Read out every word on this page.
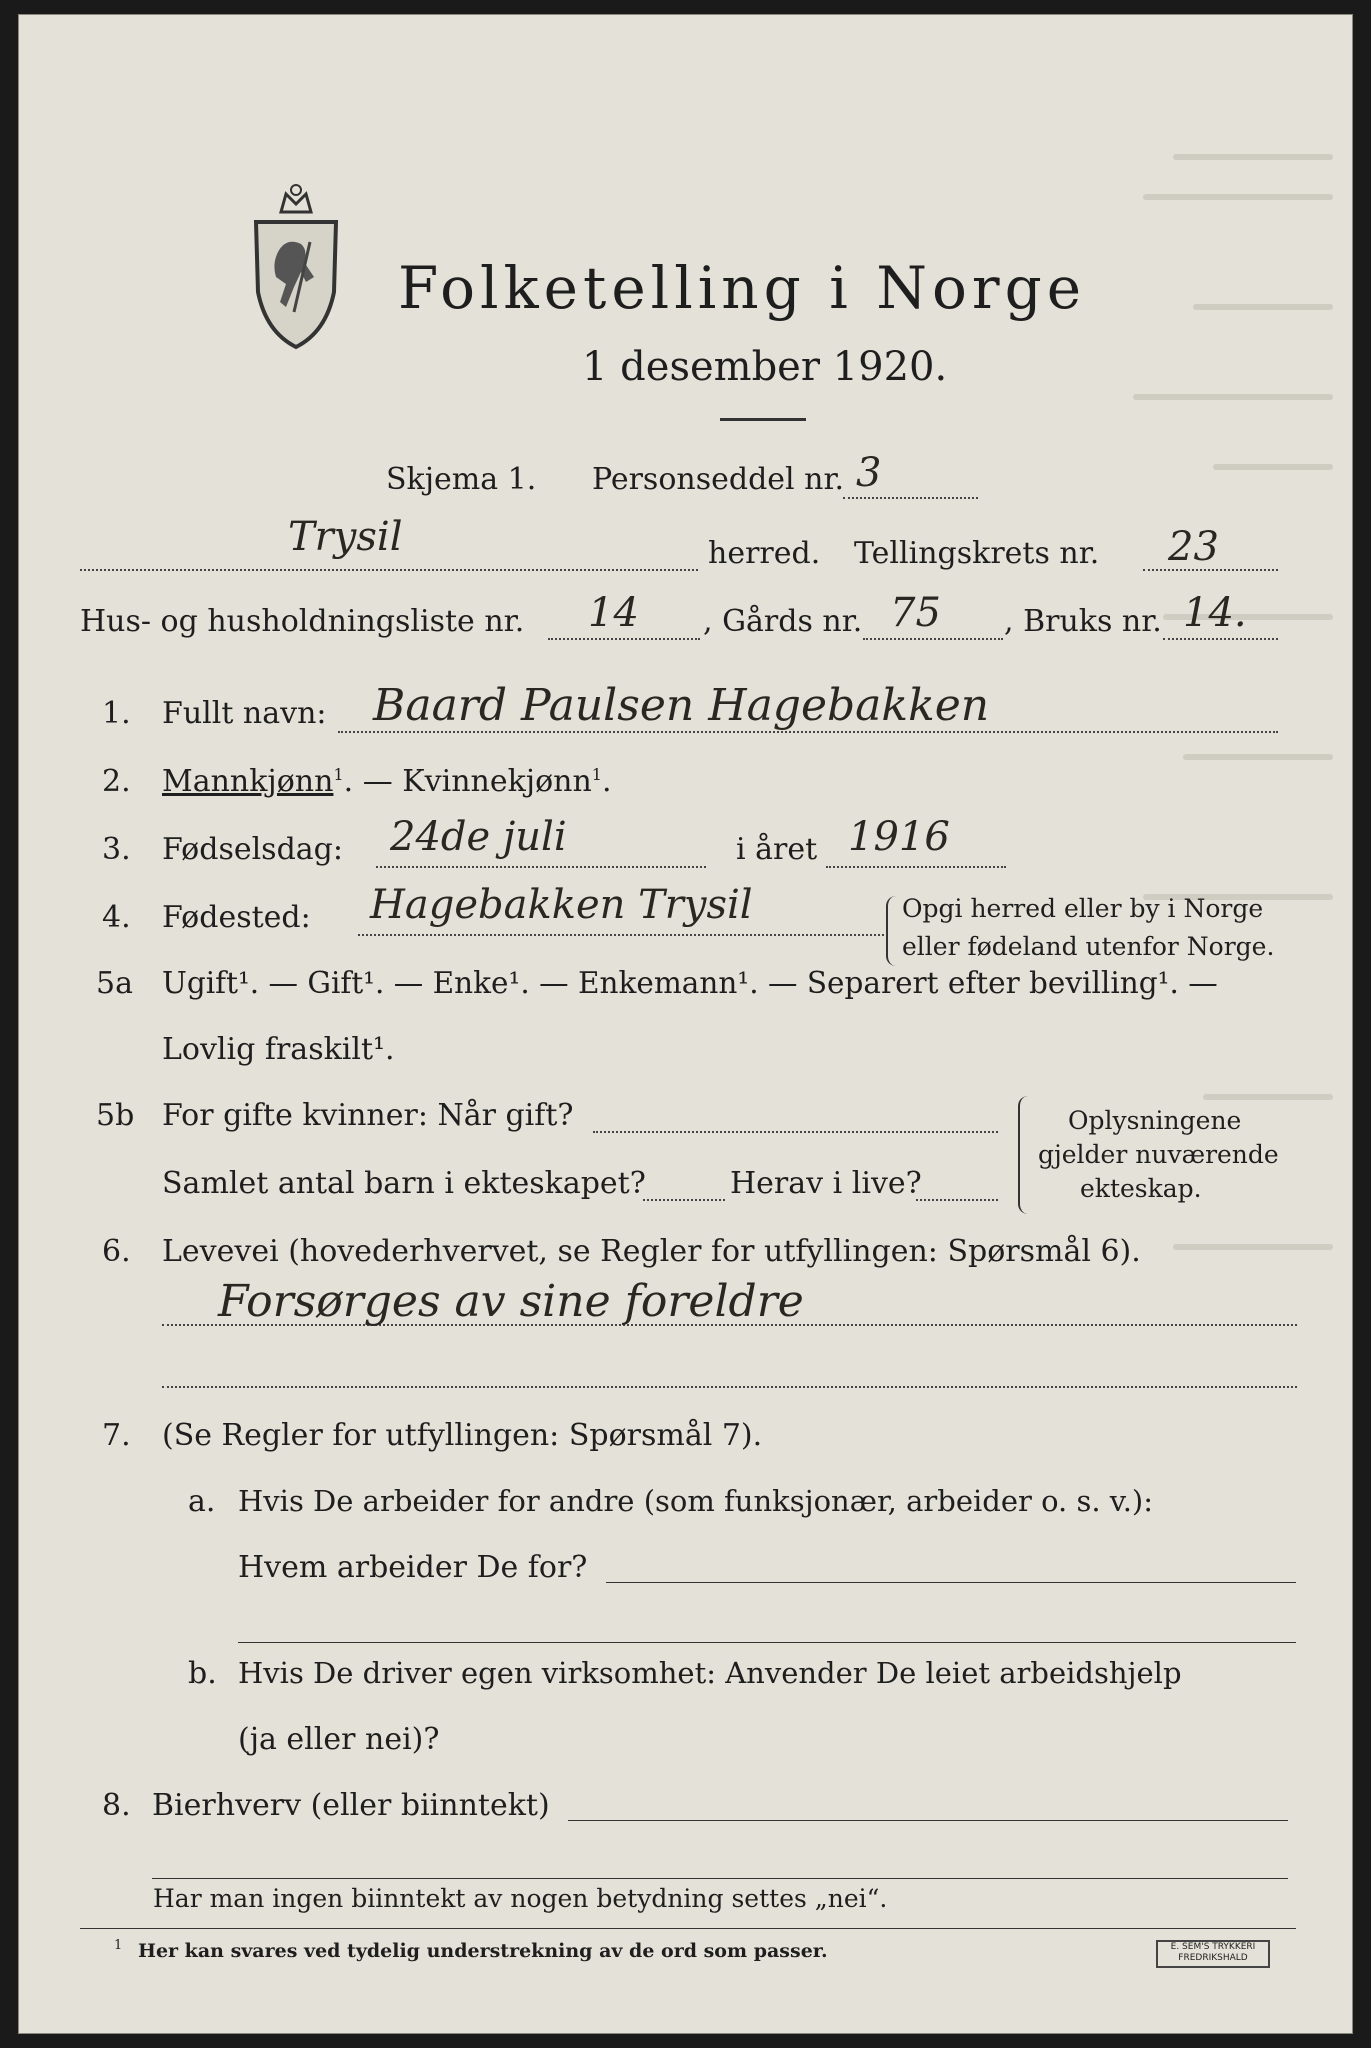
Folketelling i Norge
1 desember 1920.
Skjema 1. Personseddel nr. 3
Trysil	herred. Tellingskrets nr. 23
Hus- og husholdningsliste nr. 14 , Gårds nr. 75 , Bruks nr. 14.
1. Fullt navn: Baard Paulsen Hagebakken
2. Mannkjønn$^1$. — Kvinnekjønn$^1$.
3. Fødselsdag: 24de juli	i året 1916
4. Fødested: Hagebakken Trysil	Opgi herred eller by i Norge
eller fødeland utenfor Norge.
5a Ugift¹. — Gift¹. — Enke¹. — Enkemann¹. — Separert efter bevilling¹. —
Lovlig fraskilt¹.
5b For gifte kvinner: Når gift?
Samlet antal barn i ekteskapet?	Herav i live?
Oplysningene
gjelder nuværende
ekteskap.
6. Levevei (hovederhvervet, se Regler for utfyllingen: Spørsmål 6).
Forsørges av sine foreldre
7. (Se Regler for utfyllingen: Spørsmål 7).
a. Hvis De arbeider for andre (som funksjonær, arbeider o. s. v.):
Hvem arbeider De for?
b. Hvis De driver egen virksomhet: Anvender De leiet arbeidshjelp
(ja eller nei)?
8. Bierhverv (eller biinntekt)
Har man ingen biinntekt av nogen betydning settes „nei“.
1 Her kan svares ved tydelig understrekning av de ord som passer.	E. SEM'S TRYKKERI
FREDRIKSHALD
